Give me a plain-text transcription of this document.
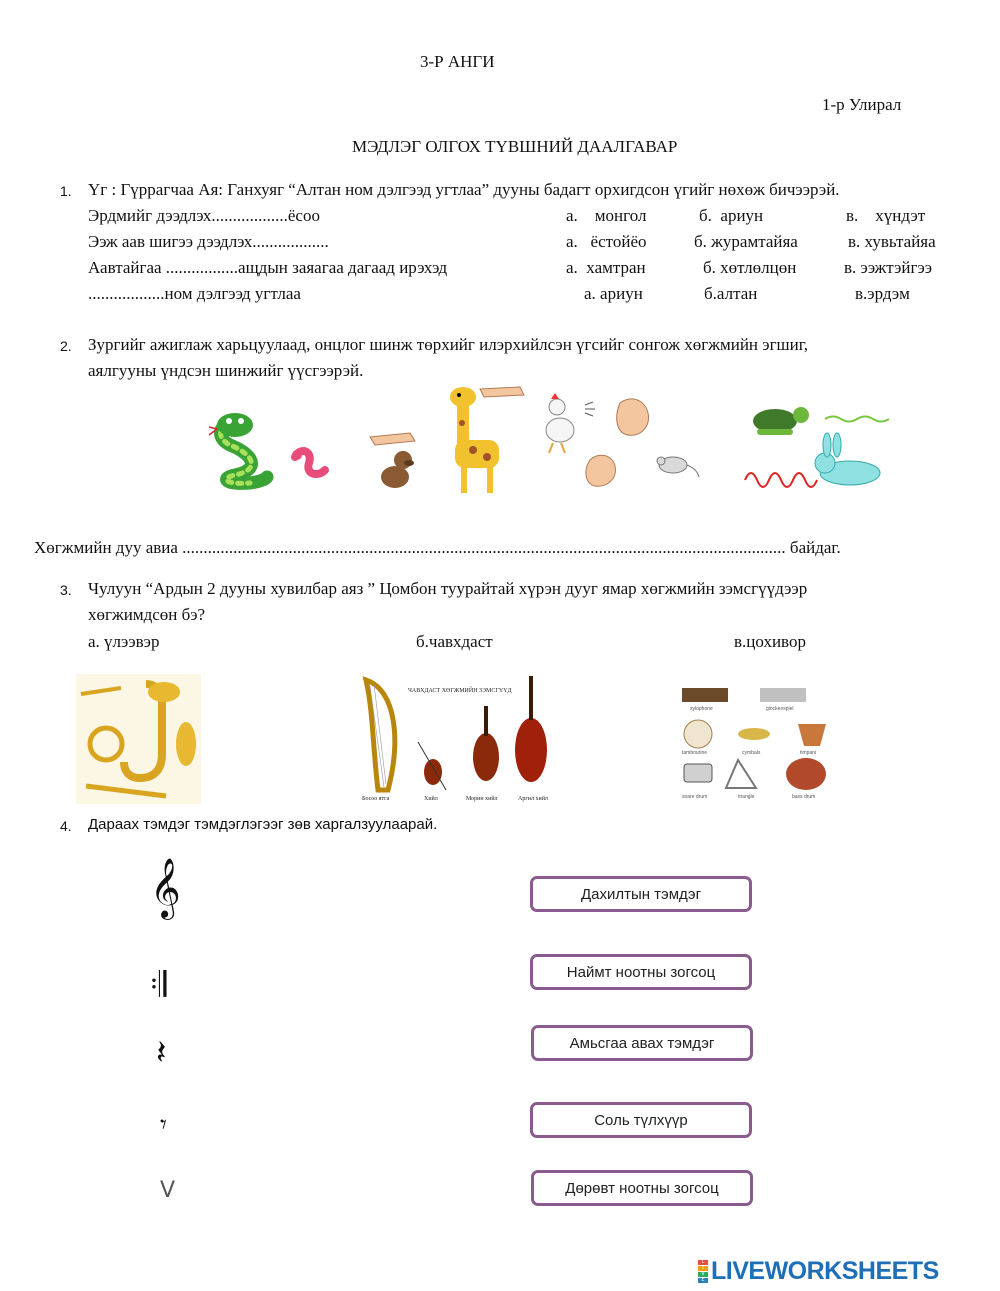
3-Р АНГИ
1-р Улирал
МЭДЛЭГ ОЛГОХ ТҮВШНИЙ ДААЛГАВАР
1. Үг : Гүррагчаа Ая: Ганхуяг “Алтан ном дэлгээд угтлаа” дууны бадагт орхигдсон үгийг нөхөж бичээрэй.
Эрдмийг дээдлэх..................ёсоо	а.    монгол	б.  ариун	в.    хүндэт
Ээж аав шигээ дээдлэх..................	а.   ёстойёо	б. журамтайяа	в. хувьтайяа
Аавтайгаа .................ащдын заяагаа дагаад ирэхэд	а.  хамтран	б. хөтлөлцөн	в. ээжтэйгээ
..................ном дэлгээд угтлаа	а. ариун	б.алтан	в.эрдэм
2. Зургийг ажиглаж харьцуулаад, онцлог шинж төрхийг илэрхийлсэн үгсийг сонгож хөгжмийн эгшиг,
аялгууны үндсэн шинжийг үүсгээрэй.
Хөгжмийн дуу авиа .............................................................................................................................................. байдаг.
3. Чулуун “Ардын 2 дууны хувилбар аяз ” Цомбон туурайтай хүрэн дууг ямар хөгжмийн зэмсгүүдээр
хөгжимдсөн бэ?
а. үлээвэр	б.чавхдаст	в.цохивор
ЧАВХДАСТ ХӨГЖМИЙН ЗЭМСГҮҮД
Босоо ятга	Хийл	Морин хийл	Аргил хийл
xylophone	glockenspiel
tambourine	cymbals	timpani
snare drum	triangle	bass drum
4. Дараах тэмдэг тэмдэглэгээг зөв харгалзуулаарай.
𝄞
𝄇
𝄽
𝄾
V
Дахилтын тэмдэг
Наймт ноотны зогсоц
Амьсгаа авах тэмдэг
Соль түлхүүр
Дөрөвт ноотны зогсоц
L
I
V
E LIVEWORKSHEETS
